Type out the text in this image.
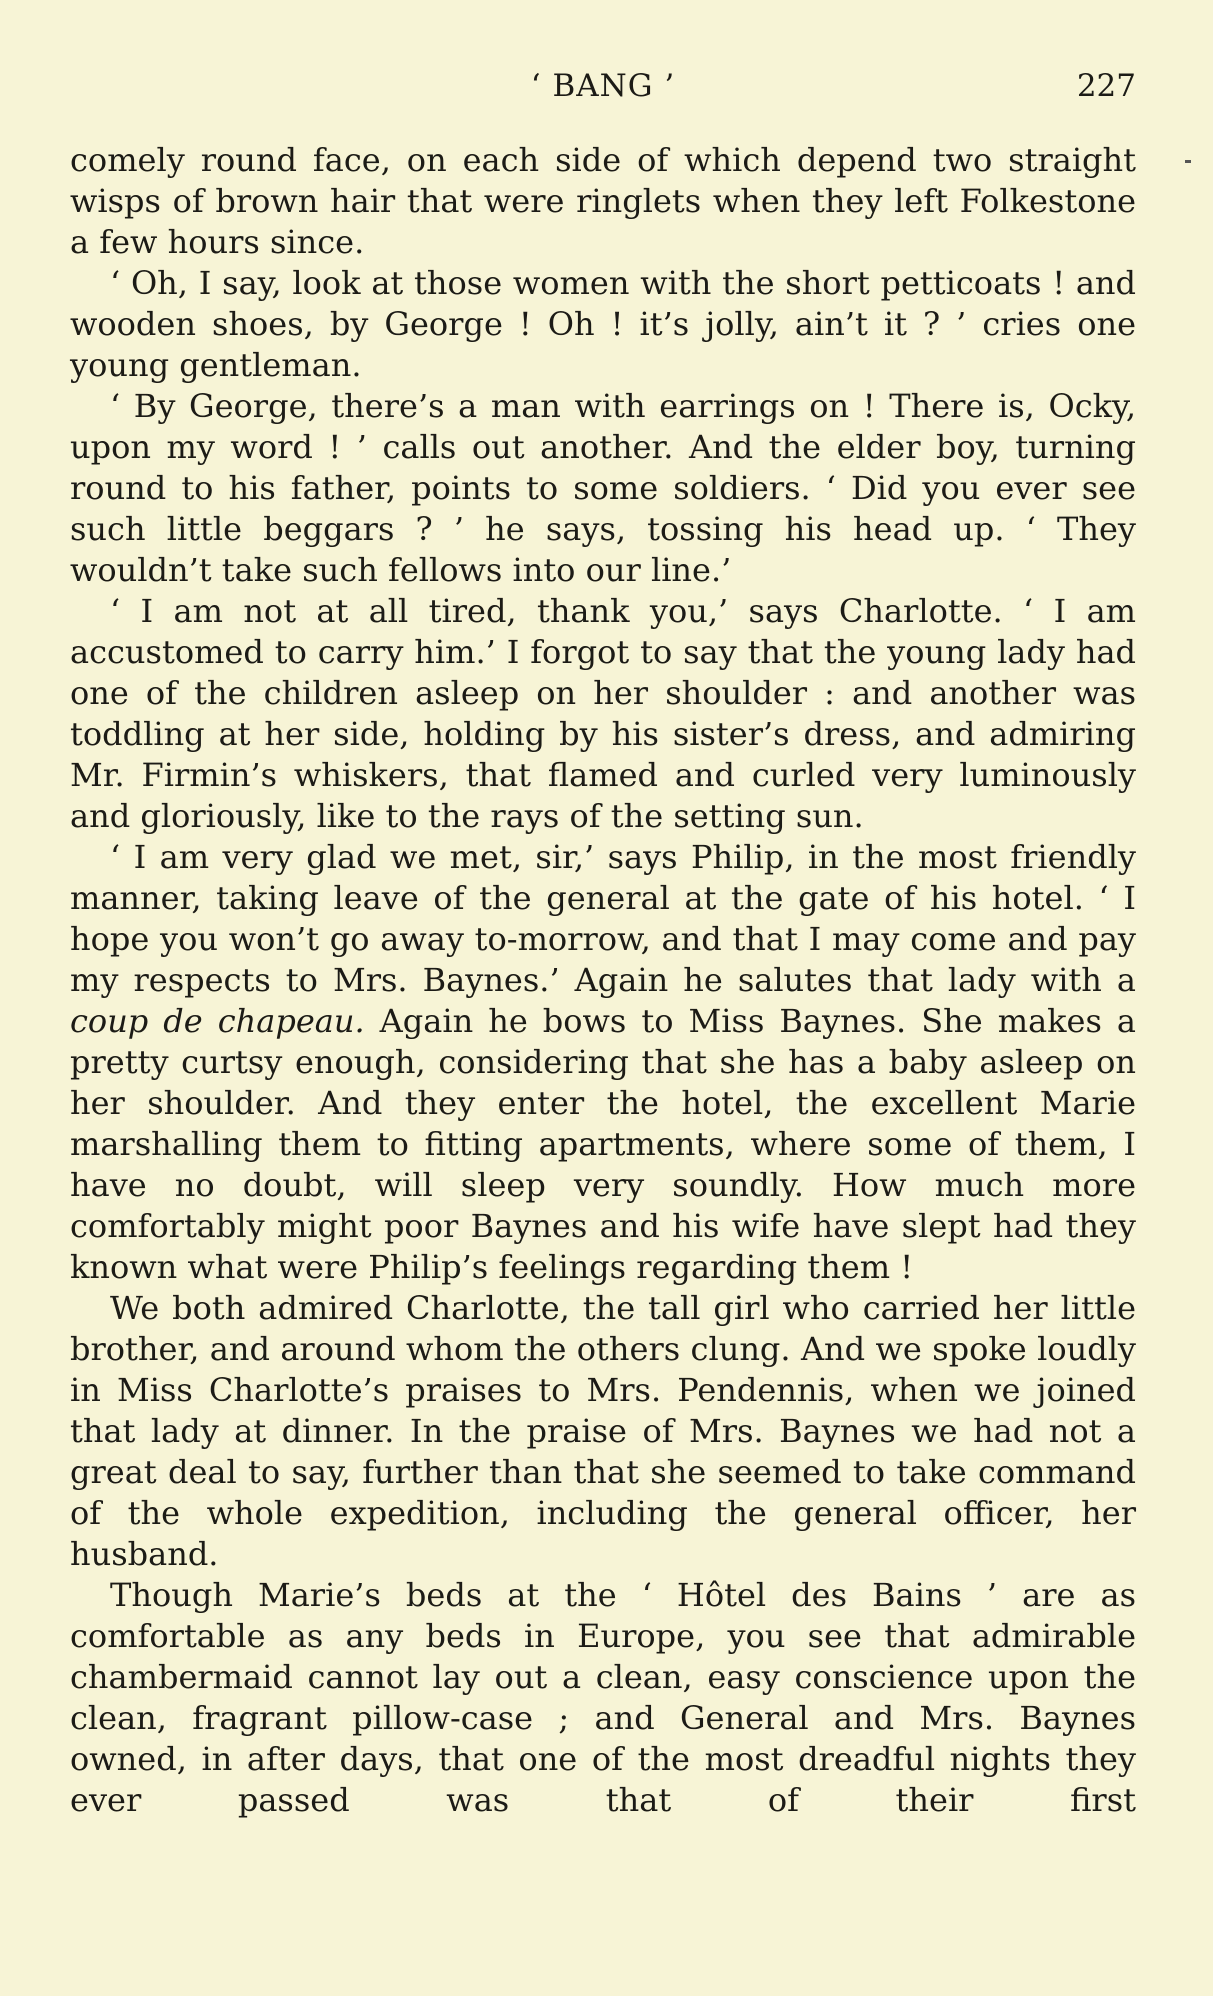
‘ BANG ’	227

comely round face, on each side of which depend two straight wisps of brown hair that were ringlets when they left Folkestone a few hours since.

‘ Oh, I say, look at those women with the short petticoats ! and wooden shoes, by George ! Oh ! it’s jolly, ain’t it ? ’ cries one young gentleman.

‘ By George, there’s a man with earrings on ! There is, Ocky, upon my word ! ’ calls out another. And the elder boy, turning round to his father, points to some soldiers. ‘ Did you ever see such little beggars ? ’ he says, tossing his head up. ‘ They wouldn’t take such fellows into our line.’

‘ I am not at all tired, thank you,’ says Charlotte. ‘ I am accustomed to carry him.’ I forgot to say that the young lady had one of the children asleep on her shoulder : and another was toddling at her side, holding by his sister’s dress, and admiring Mr. Firmin’s whiskers, that flamed and curled very luminously and gloriously, like to the rays of the setting sun.

‘ I am very glad we met, sir,’ says Philip, in the most friendly manner, taking leave of the general at the gate of his hotel. ‘ I hope you won’t go away to-morrow, and that I may come and pay my respects to Mrs. Baynes.’ Again he salutes that lady with a coup de chapeau. Again he bows to Miss Baynes. She makes a pretty curtsy enough, considering that she has a baby asleep on her shoulder. And they enter the hotel, the excellent Marie marshalling them to fitting apartments, where some of them, I have no doubt, will sleep very soundly. How much more comfortably might poor Baynes and his wife have slept had they known what were Philip’s feelings regarding them !

We both admired Charlotte, the tall girl who carried her little brother, and around whom the others clung. And we spoke loudly in Miss Charlotte’s praises to Mrs. Pendennis, when we joined that lady at dinner. In the praise of Mrs. Baynes we had not a great deal to say, further than that she seemed to take command of the whole expedition, including the general officer, her husband.

Though Marie’s beds at the ‘ Hôtel des Bains ’ are as comfortable as any beds in Europe, you see that admirable chambermaid cannot lay out a clean, easy conscience upon the clean, fragrant pillow-case ; and General and Mrs. Baynes owned, in after days, that one of the most dreadful nights they ever passed was that of their first
